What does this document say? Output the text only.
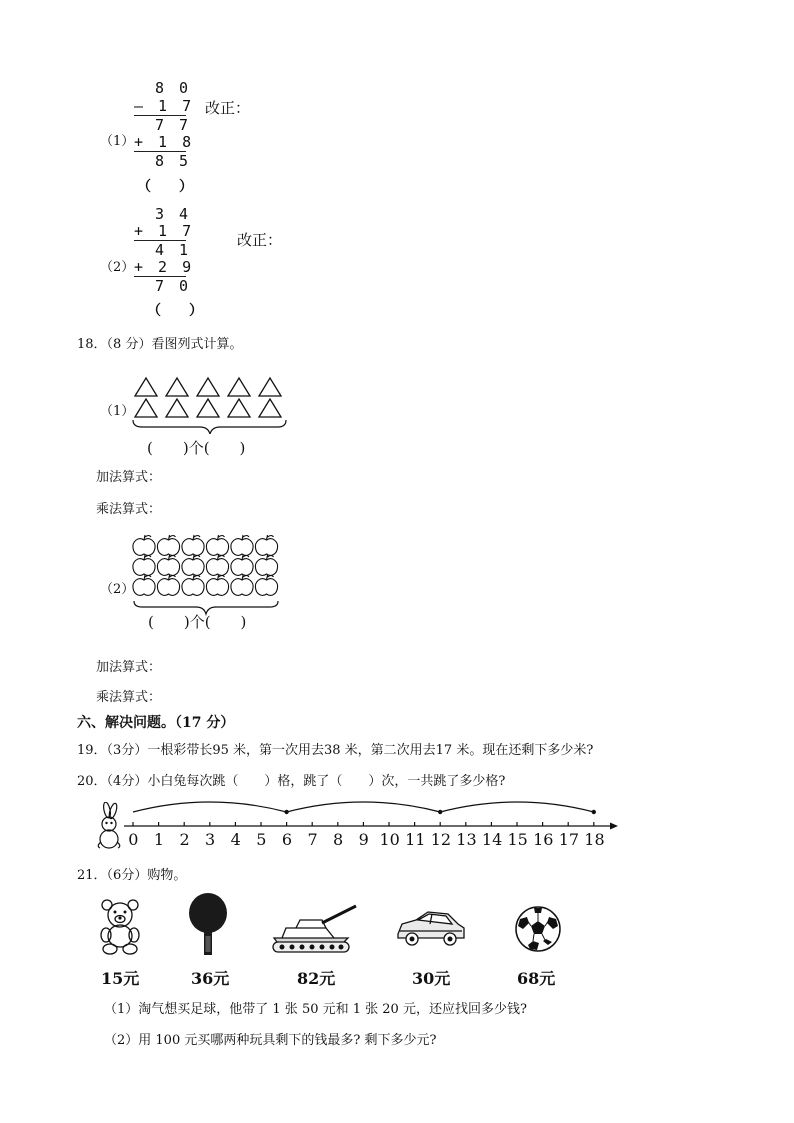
（1）
8 0
– 1 7
7 7
+ 1 8
8 5
改正：
（　　）
（2）
3 4
+ 1 7
4 1
+ 2 9
7 0
改正：
（　　）
18．（8 分）看图列式计算。
（1）
(　　)个(　　)
加法算式：
乘法算式：
（2）
(　　)个(　　)
加法算式：
乘法算式：
六、解决问题。（17 分）
19．（3分）一根彩带长95 米，第一次用去38 米，第二次用去17 米。现在还剩下多少米?
20．（4分）小白兔每次跳（　　）格，跳了（　　）次，一共跳了多少格?
0 1 2 3 4 5 6 7 8 9 10 11 12 13 14 15 16 17 18
21．（6分）购物。
15元	36元	82元	30元	68元
（1）淘气想买足球，他带了 1 张 50 元和 1 张 20 元，还应找回多少钱?
（2）用 100 元买哪两种玩具剩下的钱最多? 剩下多少元?
